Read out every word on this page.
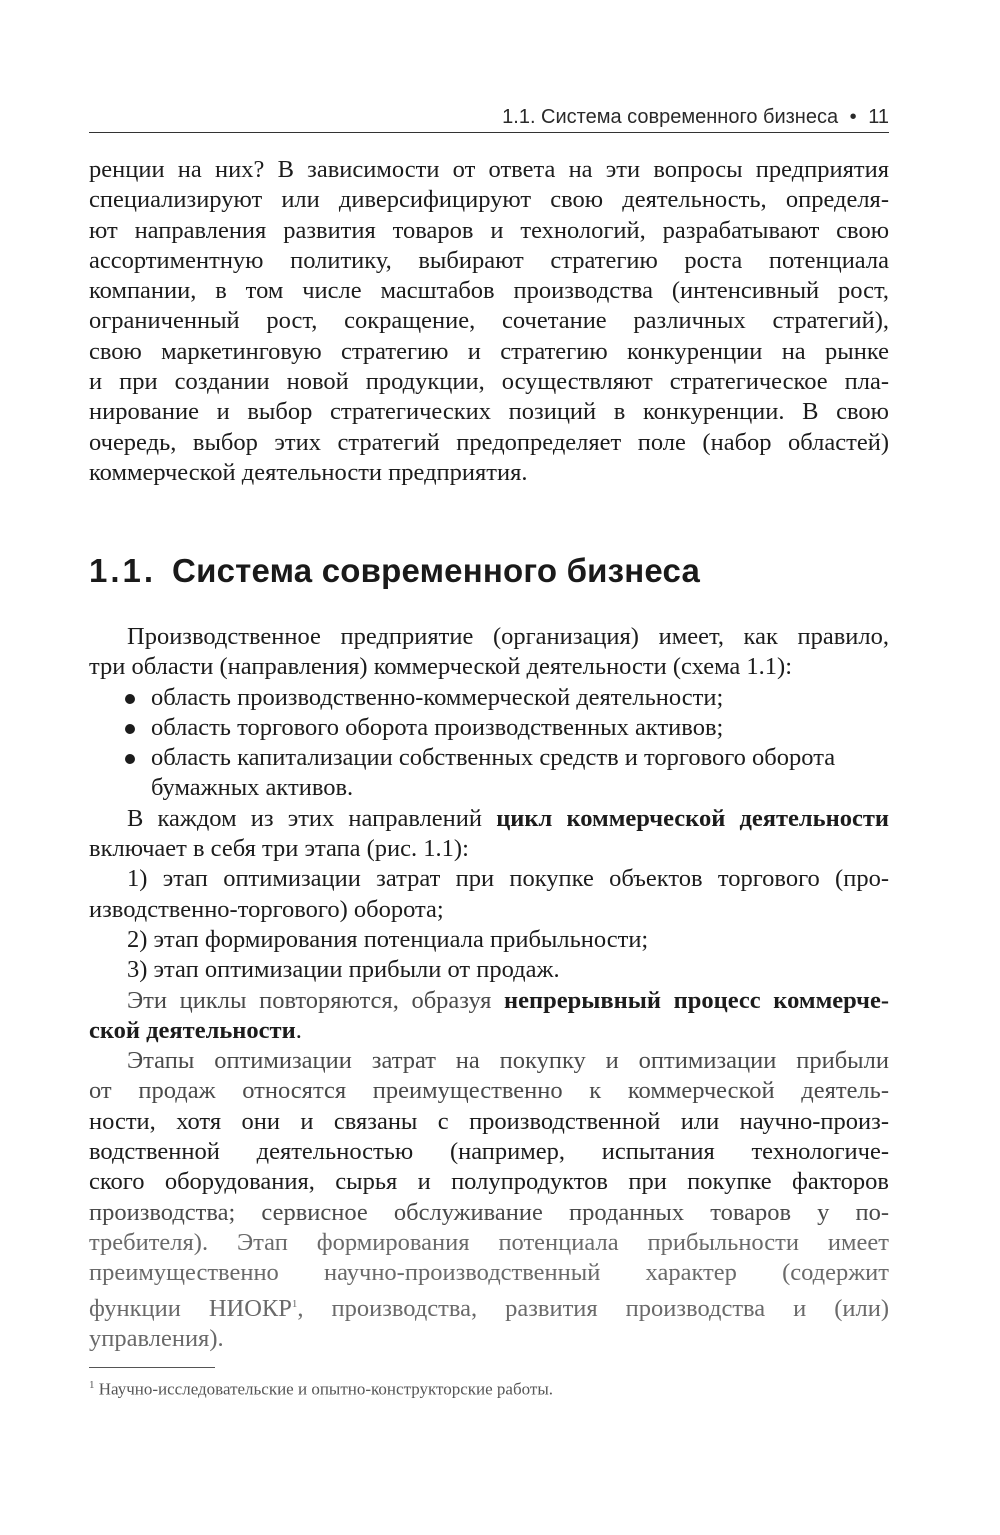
1.1. Система современного бизнеса • 11
ренции на них? В зависимости от ответа на эти вопросы предприятия
специализируют или диверсифицируют свою деятельность, определя-
ют направления развития товаров и технологий, разрабатывают свою
ассортиментную политику, выбирают стратегию роста потенциала
компании, в том числе масштабов производства (интенсивный рост,
ограниченный рост, сокращение, сочетание различных стратегий),
свою маркетинговую стратегию и стратегию конкуренции на рынке
и при создании новой продукции, осуществляют стратегическое пла-
нирование и выбор стратегических позиций в конкуренции. В свою
очередь, выбор этих стратегий предопределяет поле (набор областей)
коммерческой деятельности предприятия.
1.1. Система современного бизнеса
Производственное предприятие (организация) имеет, как правило,
три области (направления) коммерческой деятельности (схема 1.1):
область производственно-коммерческой деятельности;
область торгового оборота производственных активов;
область капитализации собственных средств и торгового оборота
бумажных активов.
В каждом из этих направлений цикл коммерческой деятельности
включает в себя три этапа (рис. 1.1):
1) этап оптимизации затрат при покупке объектов торгового (про-
изводственно-торгового) оборота;
2) этап формирования потенциала прибыльности;
3) этап оптимизации прибыли от продаж.
Эти циклы повторяются, образуя непрерывный процесс коммерче-
ской деятельности.
Этапы оптимизации затрат на покупку и оптимизации прибыли
от продаж относятся преимущественно к коммерческой деятель-
ности, хотя они и связаны с производственной или научно-произ-
водственной деятельностью (например, испытания технологиче-
ского оборудования, сырья и полупродуктов при покупке факторов
производства; сервисное обслуживание проданных товаров у по-
требителя). Этап формирования потенциала прибыльности имеет
преимущественно научно-производственный характер (содержит
функции НИОКР$^1$, производства, развития производства и (или)
управления).
$^1$ Научно-исследовательские и опытно-конструкторские работы.
